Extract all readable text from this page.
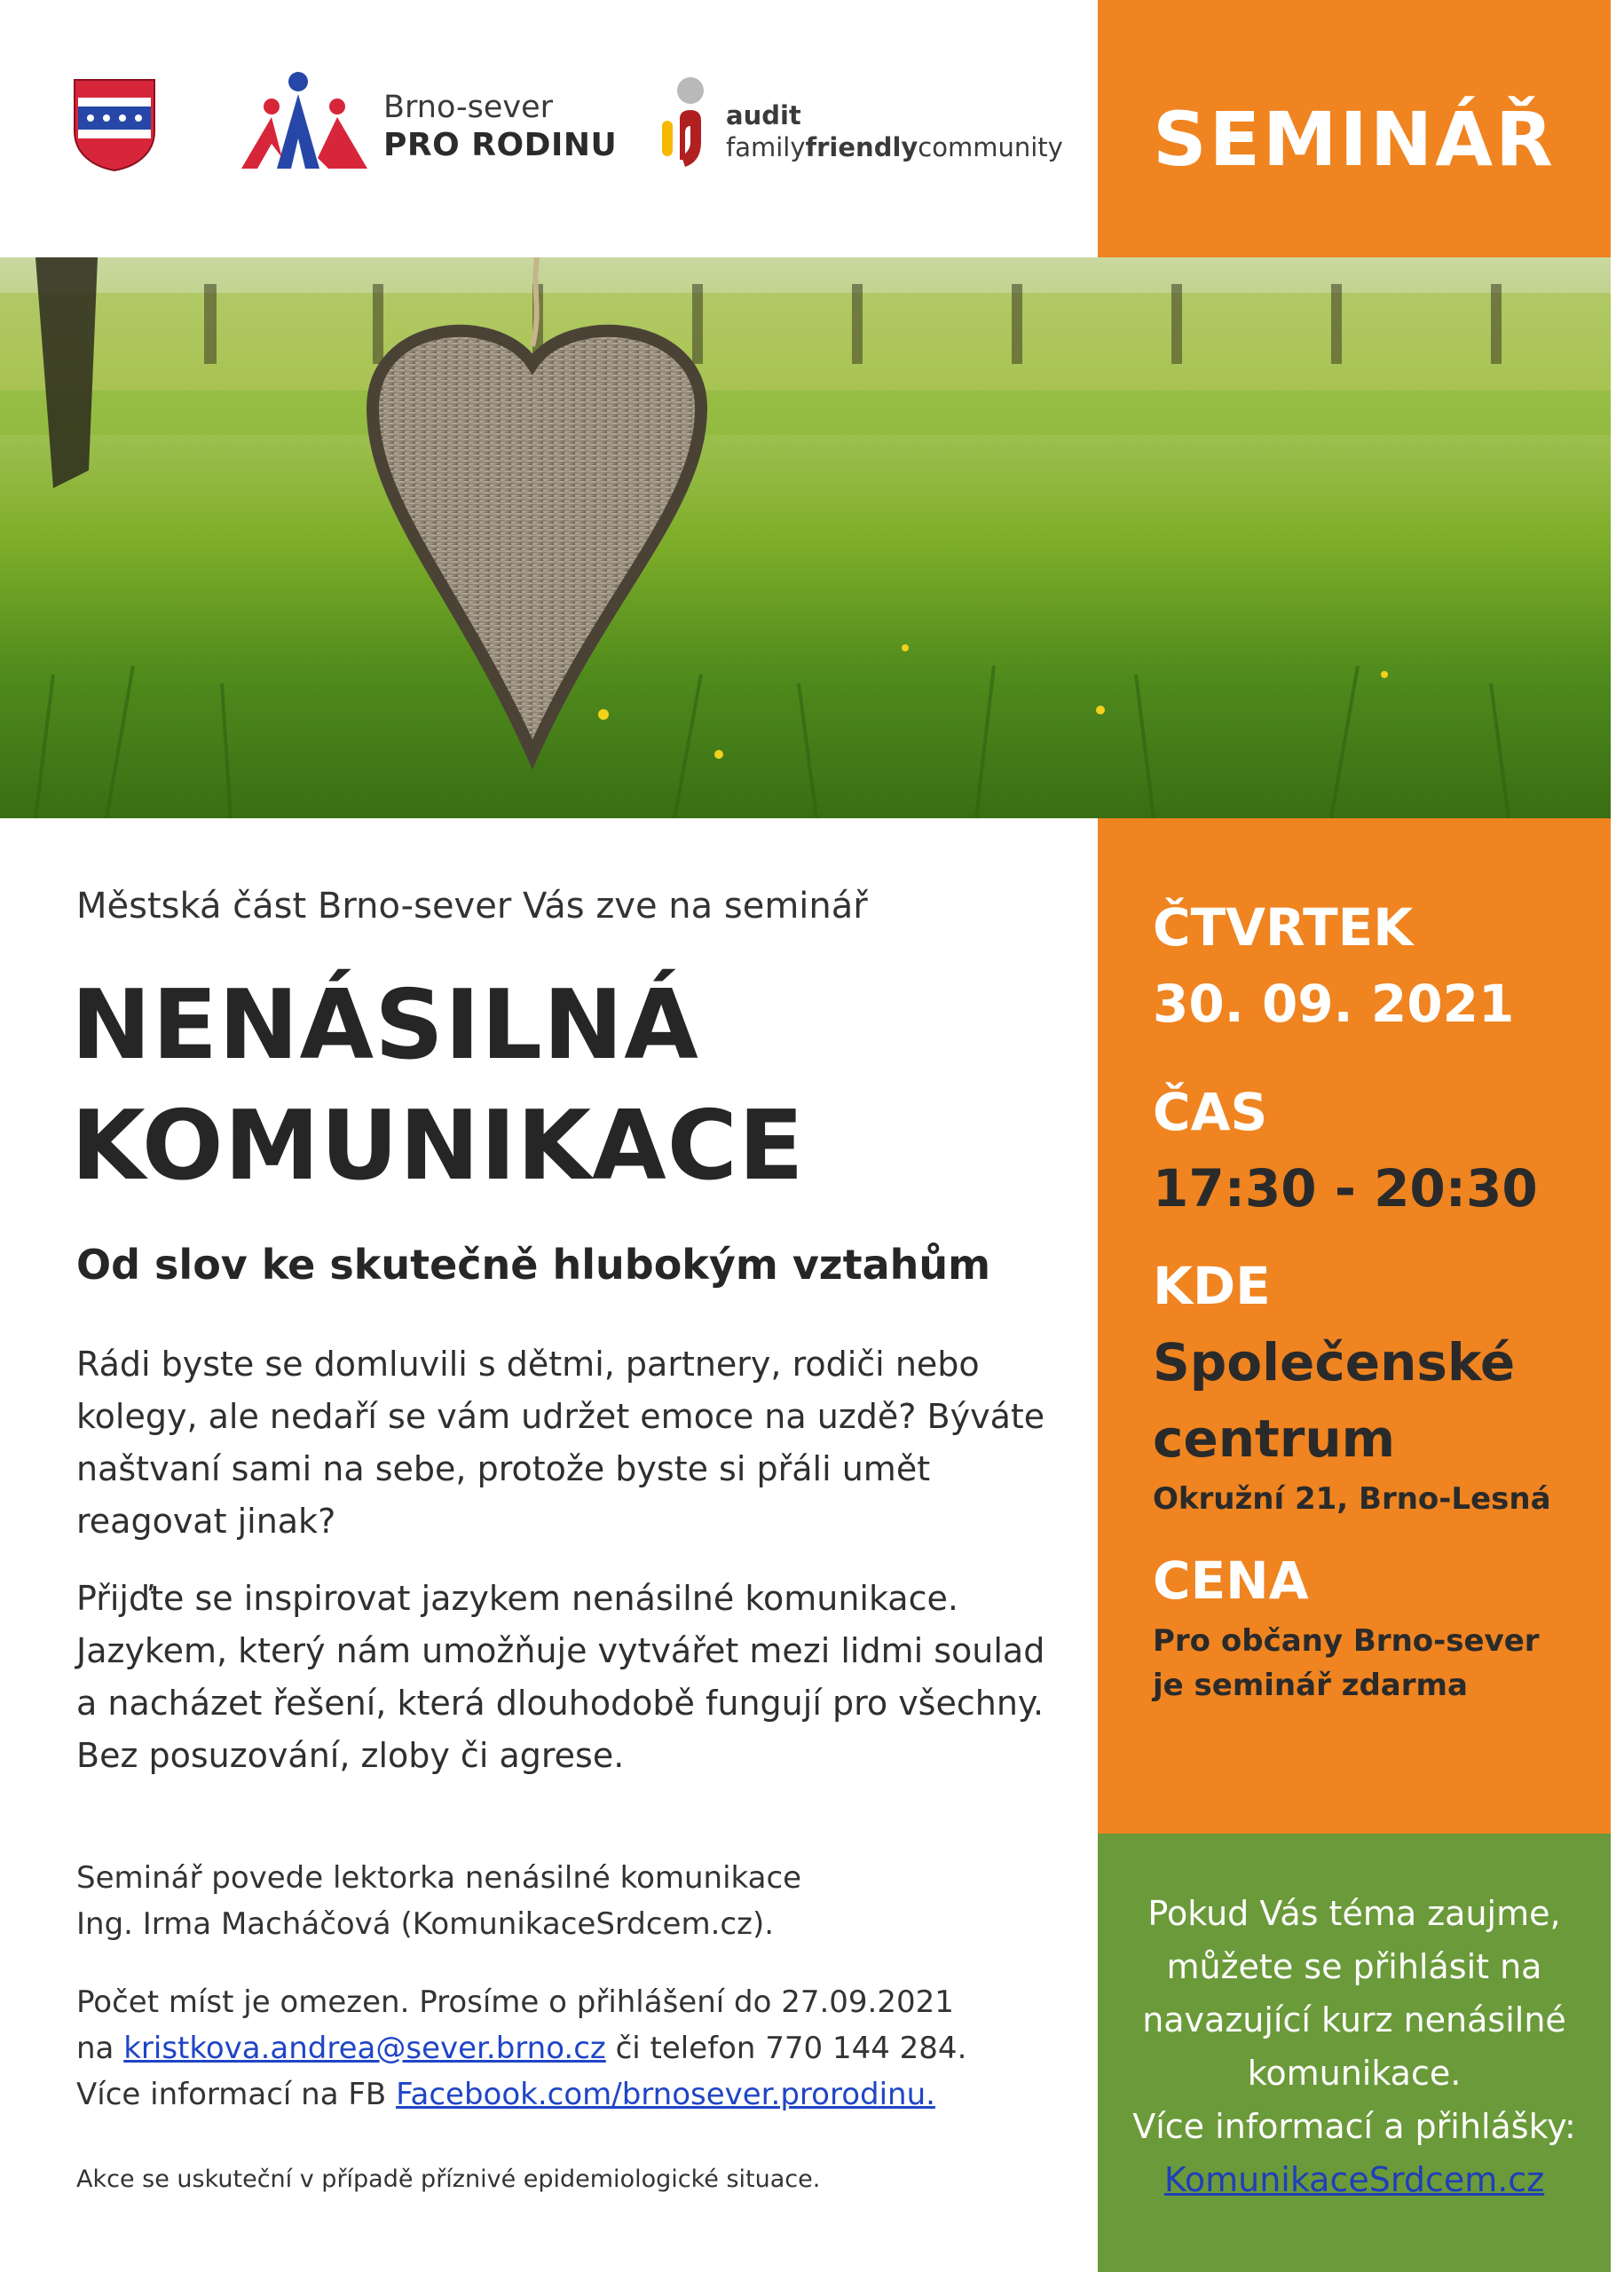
Brno-sever
PRO RODINU
audit
familyfriendlycommunity	SEMINÁŘ
Městská část Brno-sever Vás zve na seminář
NENÁSILNÁ
KOMUNIKACE
Od slov ke skutečně hlubokým vztahům
Rádi byste se domluvili s dětmi, partnery, rodiči nebo kolegy, ale nedaří se vám udržet emoce na uzdě? Býváte naštvaní sami na sebe, protože byste si přáli umět reagovat jinak?
Přijďte se inspirovat jazykem nenásilné komunikace. Jazykem, který nám umožňuje vytvářet mezi lidmi soulad a nacházet řešení, která dlouhodobě fungují pro všechny. Bez posuzování, zloby či agrese.
Seminář povede lektorka nenásilné komunikace
Ing. Irma Macháčová (KomunikaceSrdcem.cz).
Počet míst je omezen. Prosíme o přihlášení do 27.09.2021
na kristkova.andrea@sever.brno.cz či telefon 770 144 284.
Více informací na FB Facebook.com/brnosever.prorodinu.
Akce se uskuteční v případě příznivé epidemiologické situace.
ČTVRTEK
30. 09. 2021
ČAS
17:30 - 20:30
KDE
Společenské
centrum
Okružní 21, Brno-Lesná
CENA
Pro občany Brno-sever
je seminář zdarma
Pokud Vás téma zaujme,
můžete se přihlásit na
navazující kurz nenásilné
komunikace.
Více informací a přihlášky:
KomunikaceSrdcem.cz
